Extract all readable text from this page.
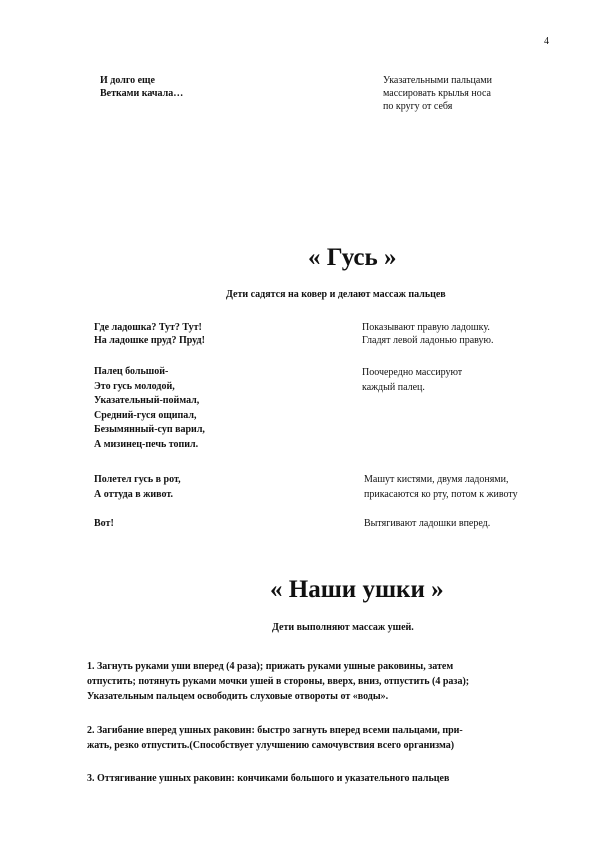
4
И долго еще
Ветками качала…
Указательными пальцами
массировать крылья носа
по кругу от себя
« Гусь »
Дети садятся на ковер и делают массаж пальцев
Где ладошка? Тут? Тут!
На ладошке пруд? Пруд!
Показывают правую ладошку.
Гладят левой ладонью правую.
Палец большой-
Это гусь молодой,
Указательный-поймал,
Средний-гуся ощипал,
Безымянный-суп варил,
А мизинец-печь топил.
Поочередно массируют
каждый палец.
Полетел гусь в рот,
А оттуда в живот.
Машут кистями, двумя ладонями,
прикасаются ко рту, потом к животу
Вот!	Вытягивают ладошки вперед.
« Наши ушки »
Дети выполняют массаж ушей.
1. Загнуть руками уши вперед (4 раза); прижать руками ушные раковины, затем
отпустить; потянуть руками мочки ушей в стороны, вверх, вниз, отпустить (4 раза);
Указательным пальцем освободить слуховые отвороты от «воды».
2. Загибание вперед ушных раковин: быстро загнуть вперед всеми пальцами, при-
жать, резко отпустить.(Способствует улучшению самочувствия всего организма)
3. Оттягивание ушных раковин: кончиками большого и указательного пальцев
